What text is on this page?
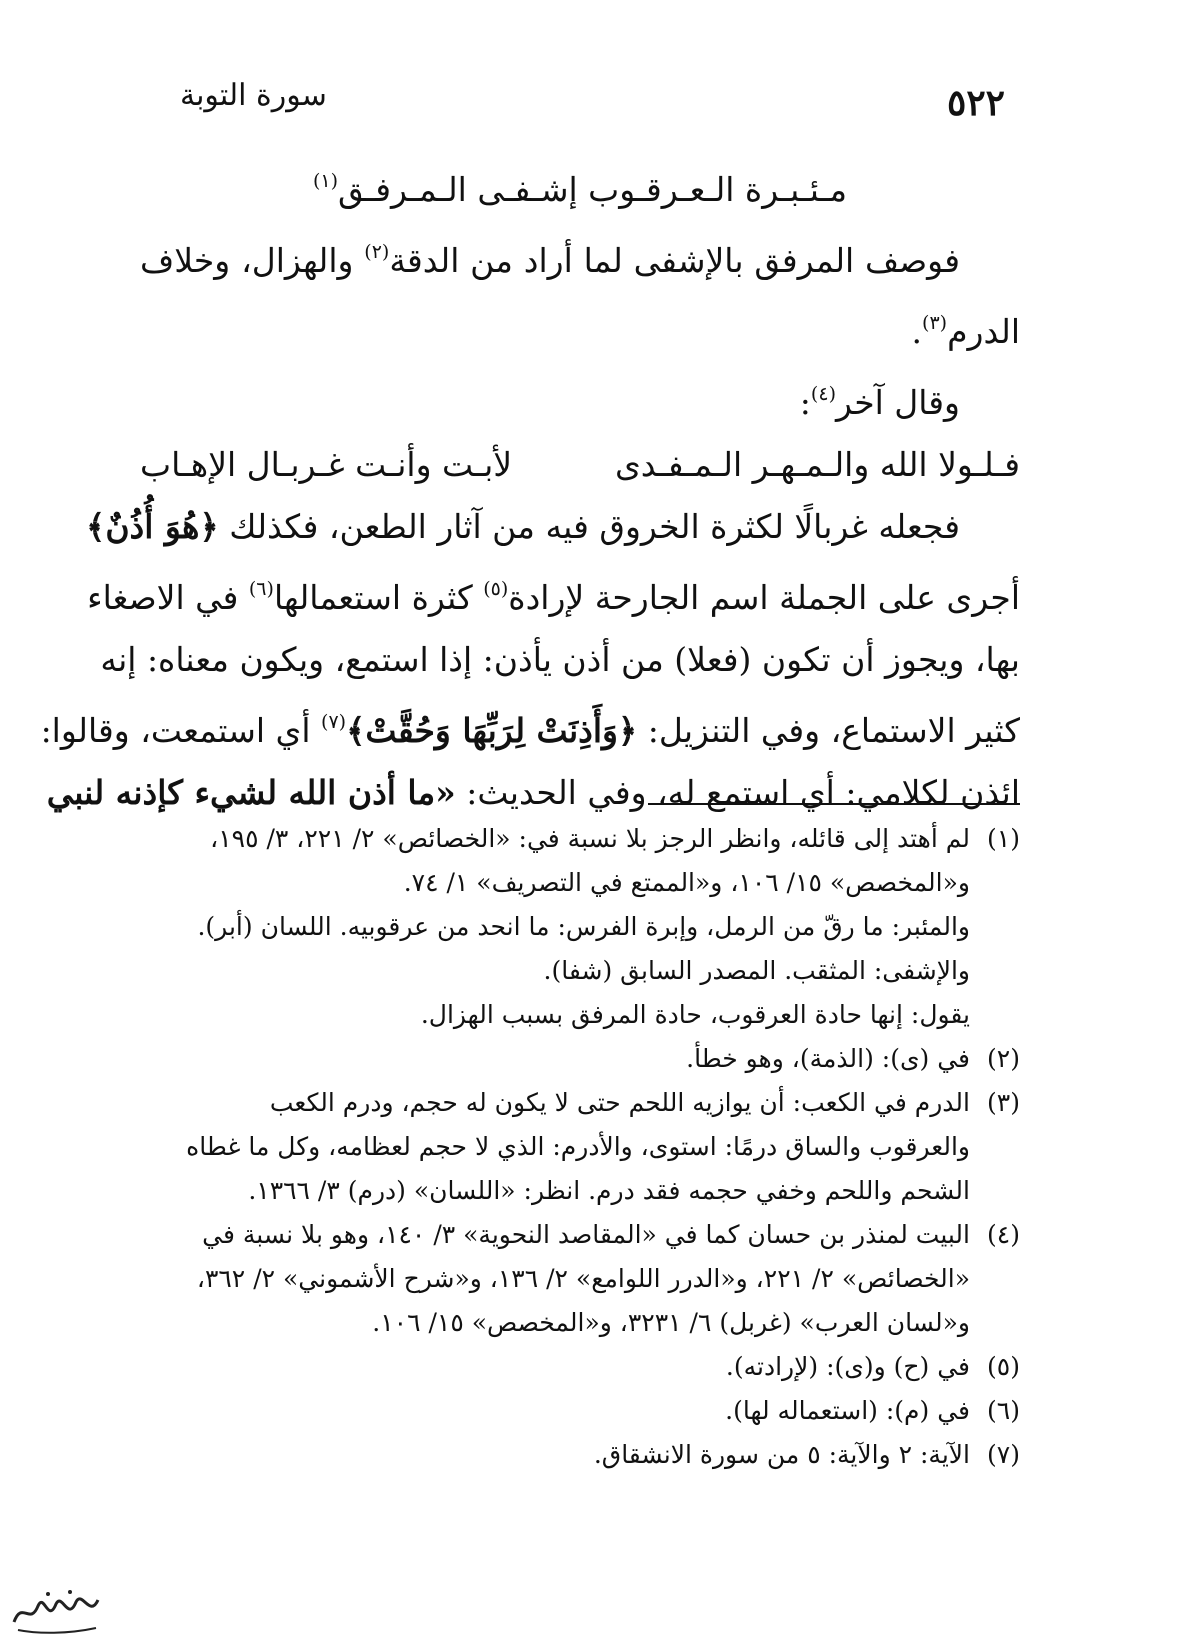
٥٢٢
سورة التوبة
مـئـبـرة الـعـرقـوب إشـفـى الـمـرفـق$^{(١)}$
فوصف المرفق بالإشفى لما أراد من الدقة$^{(٢)}$ والهزال، وخلاف
الدرم$^{(٣)}$.
وقال آخر$^{(٤)}$:
فـلـولا الله والـمـهـر الـمـفـدى
لأبـت وأنـت غـربـال الإهـاب
فجعله غربالًا لكثرة الخروق فيه من آثار الطعن، فكذلك ﴿هُوَ أُذُنٌ﴾
أجرى على الجملة اسم الجارحة لإرادة$^{(٥)}$ كثرة استعمالها$^{(٦)}$ في الاصغاء
بها، ويجوز أن تكون (فعلا) من أذن يأذن: إذا استمع، ويكون معناه: إنه
كثير الاستماع، وفي التنزيل: ﴿وَأَذِنَتْ لِرَبِّهَا وَحُقَّتْ﴾$^{(٧)}$ أي استمعت، وقالوا:
ائذن لكلامي: أي استمع له، وفي الحديث: «ما أذن الله لشيء كإذنه لنبي
(١)لم أهتد إلى قائله، وانظر الرجز بلا نسبة في: «الخصائص» ٢/ ٢٢١، ٣/ ١٩٥،
و«المخصص» ١٥/ ١٠٦، و«الممتع في التصريف» ١/ ٧٤.
والمئبر: ما رقّ من الرمل، وإبرة الفرس: ما انحد من عرقوبيه. اللسان (أبر).
والإشفى: المثقب. المصدر السابق (شفا).
يقول: إنها حادة العرقوب، حادة المرفق بسبب الهزال.
(٢)في (ى): (الذمة)، وهو خطأ.
(٣)الدرم في الكعب: أن يوازيه اللحم حتى لا يكون له حجم، ودرم الكعب
والعرقوب والساق درمًا: استوى، والأدرم: الذي لا حجم لعظامه، وكل ما غطاه
الشحم واللحم وخفي حجمه فقد درم. انظر: «اللسان» (درم) ٣/ ١٣٦٦.
(٤)البيت لمنذر بن حسان كما في «المقاصد النحوية» ٣/ ١٤٠، وهو بلا نسبة في
«الخصائص» ٢/ ٢٢١، و«الدرر اللوامع» ٢/ ١٣٦، و«شرح الأشموني» ٢/ ٣٦٢،
و«لسان العرب» (غربل) ٦/ ٣٢٣١، و«المخصص» ١٥/ ١٠٦.
(٥)في (ح) و(ى): (لإرادته).
(٦)في (م): (استعماله لها).
(٧)الآية: ٢ والآية: ٥ من سورة الانشقاق.
